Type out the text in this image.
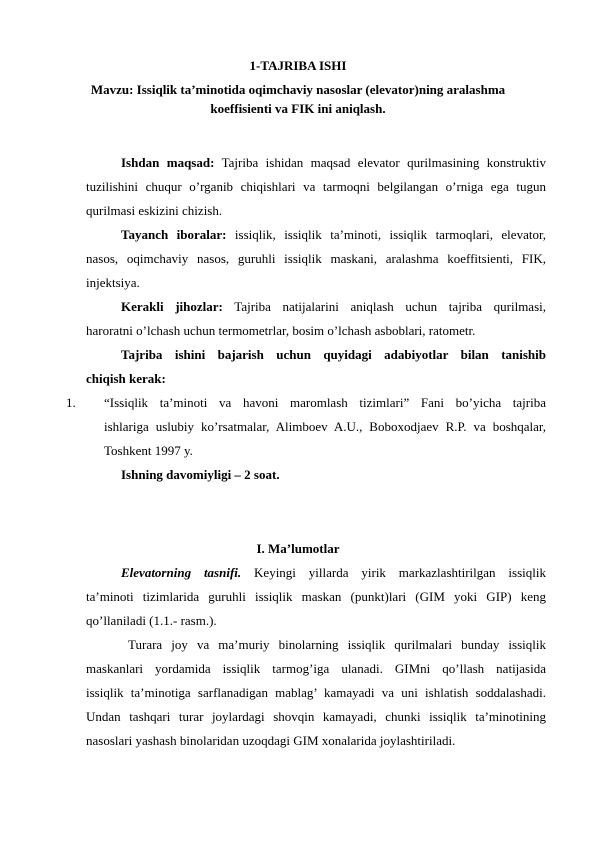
1-TAJRIBA ISHI
Mavzu: Issiqlik ta’minotida oqimchaviy nasoslar (elevator)ning aralashma
koeffisienti va FIK ini aniqlash.
Ishdan maqsad: Tajriba ishidan maqsad elevator qurilmasining konstruktiv
tuzilishini chuqur o’rganib chiqishlari va tarmoqni belgilangan o’rniga ega tugun
qurilmasi eskizini chizish.
Tayanch iboralar: issiqlik, issiqlik ta’minoti, issiqlik tarmoqlari, elevator,
nasos, oqimchaviy nasos, guruhli issiqlik maskani, aralashma koeffitsienti, FIK,
injektsiya.
Kerakli jihozlar: Tajriba natijalarini aniqlash uchun tajriba qurilmasi,
haroratni o’lchash uchun termometrlar, bosim o’lchash asboblari, ratometr.
Tajriba ishini bajarish uchun quyidagi adabiyotlar bilan tanishib
chiqish kerak:
1. “Issiqlik ta’minoti va havoni maromlash tizimlari” Fani bo’yicha tajriba
ishlariga uslubiy ko’rsatmalar, Alimboev A.U., Boboxodjaev R.P. va boshqalar,
Toshkent 1997 y.
Ishning davomiyligi – 2 soat.
I. Ma’lumotlar
Elevatorning tasnifi. Keyingi yillarda yirik markazlashtirilgan issiqlik
ta’minoti tizimlarida guruhli issiqlik maskan (punkt)lari (GIM yoki GIP) keng
qo’llaniladi (1.1.- rasm.).
Turara joy va ma’muriy binolarning issiqlik qurilmalari bunday issiqlik
maskanlari yordamida issiqlik tarmog’iga ulanadi. GIMni qo’llash natijasida
issiqlik ta’minotiga sarflanadigan mablag’ kamayadi va uni ishlatish soddalashadi.
Undan tashqari turar joylardagi shovqin kamayadi, chunki issiqlik ta’minotining
nasoslari yashash binolaridan uzoqdagi GIM xonalarida joylashtiriladi.
